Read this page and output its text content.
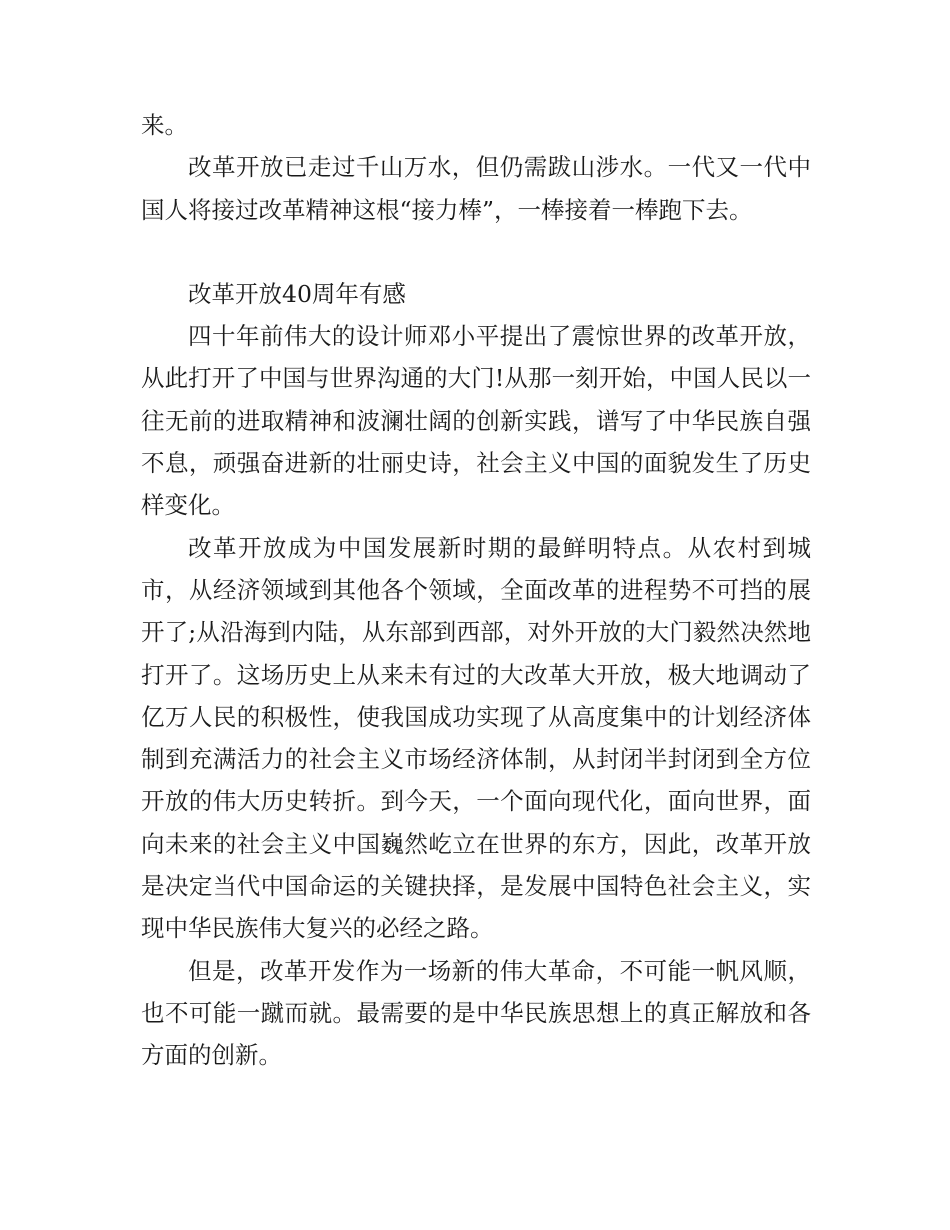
来。

改革开放已走过千山万水，但仍需跋山涉水。一代又一代中国人将接过改革精神这根“接力棒”，一棒接着一棒跑下去。

改革开放40周年有感

四十年前伟大的设计师邓小平提出了震惊世界的改革开放，从此打开了中国与世界沟通的大门!从那一刻开始，中国人民以一往无前的进取精神和波澜壮阔的创新实践，谱写了中华民族自强不息，顽强奋进新的壮丽史诗，社会主义中国的面貌发生了历史样变化。

改革开放成为中国发展新时期的最鲜明特点。从农村到城市，从经济领域到其他各个领域，全面改革的进程势不可挡的展开了;从沿海到内陆，从东部到西部，对外开放的大门毅然决然地打开了。这场历史上从来未有过的大改革大开放，极大地调动了亿万人民的积极性，使我国成功实现了从高度集中的计划经济体制到充满活力的社会主义市场经济体制，从封闭半封闭到全方位开放的伟大历史转折。到今天，一个面向现代化，面向世界，面向未来的社会主义中国巍然屹立在世界的东方，因此，改革开放是决定当代中国命运的关键抉择，是发展中国特色社会主义，实现中华民族伟大复兴的必经之路。

但是，改革开发作为一场新的伟大革命，不可能一帆风顺，也不可能一蹴而就。最需要的是中华民族思想上的真正解放和各方面的创新。
